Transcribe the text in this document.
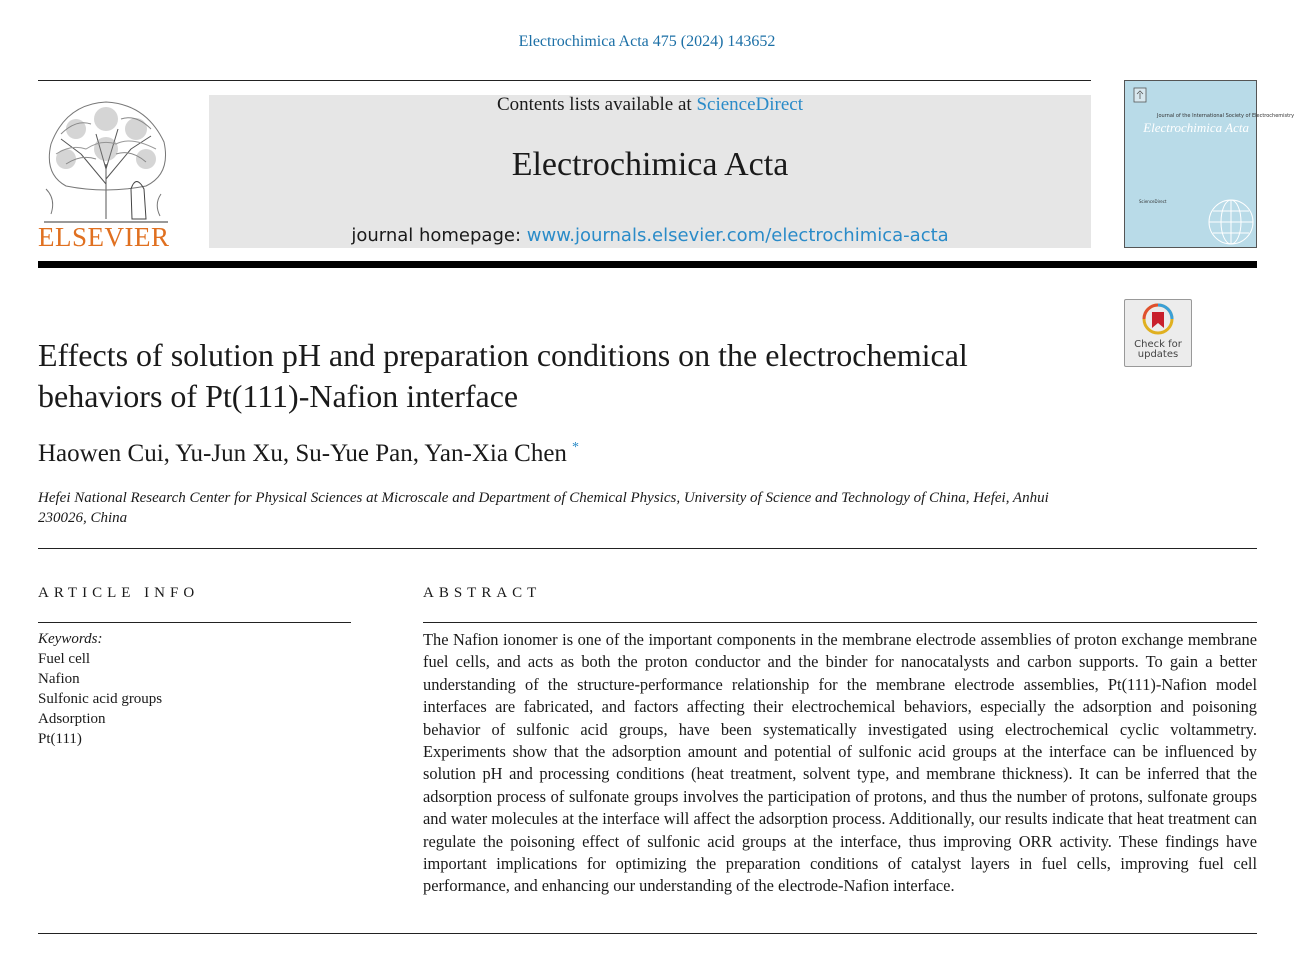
Electrochimica Acta 475 (2024) 143652
ELSEVIER
Contents lists available at ScienceDirect
Electrochimica Acta
journal homepage: www.journals.elsevier.com/electrochimica-acta
Journal of the International Society of Electrochemistry
Electrochimica Acta
ScienceDirect
Check for
updates
Effects of solution pH and preparation conditions on the electrochemical behaviors of Pt(111)-Nafion interface
Haowen Cui, Yu-Jun Xu, Su-Yue Pan, Yan-Xia Chen *
Hefei National Research Center for Physical Sciences at Microscale and Department of Chemical Physics, University of Science and Technology of China, Hefei, Anhui 230026, China
ARTICLE INFO
Keywords:
Fuel cell
Nafion
Sulfonic acid groups
Adsorption
Pt(111)
ABSTRACT
The Nafion ionomer is one of the important components in the membrane electrode assemblies of proton exchange membrane fuel cells, and acts as both the proton conductor and the binder for nanocatalysts and carbon supports. To gain a better understanding of the structure-performance relationship for the membrane electrode assemblies, Pt(111)-Nafion model interfaces are fabricated, and factors affecting their electrochemical behaviors, especially the adsorption and poisoning behavior of sulfonic acid groups, have been systematically investigated using electrochemical cyclic voltammetry. Experiments show that the adsorption amount and potential of sulfonic acid groups at the interface can be influenced by solution pH and processing conditions (heat treatment, solvent type, and membrane thickness). It can be inferred that the adsorption process of sulfonate groups involves the participation of protons, and thus the number of protons, sulfonate groups and water molecules at the interface will affect the adsorption process. Additionally, our results indicate that heat treatment can regulate the poisoning effect of sulfonic acid groups at the interface, thus improving ORR activity. These findings have important implications for optimizing the preparation conditions of catalyst layers in fuel cells, improving fuel cell performance, and enhancing our understanding of the electrode-Nafion interface.
